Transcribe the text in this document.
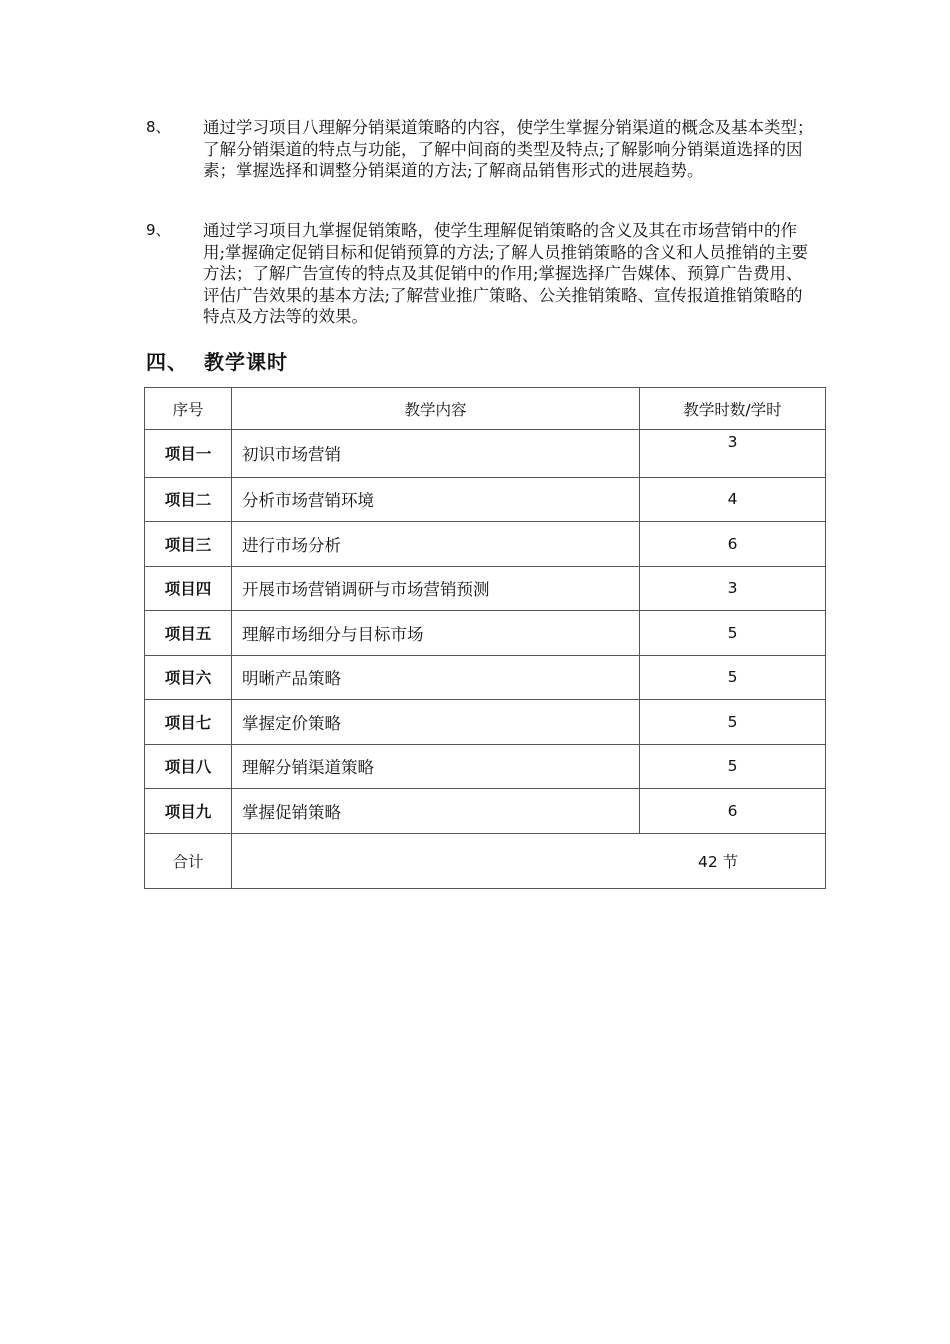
8、 通过学习项目八理解分销渠道策略的内容，使学生掌握分销渠道的概念及基本类型；了解分销渠道的特点与功能，了解中间商的类型及特点;了解影响分销渠道选择的因素；掌握选择和调整分销渠道的方法;了解商品销售形式的进展趋势。
9、 通过学习项目九掌握促销策略，使学生理解促销策略的含义及其在市场营销中的作用;掌握确定促销目标和促销预算的方法;了解人员推销策略的含义和人员推销的主要方法；了解广告宣传的特点及其促销中的作用;掌握选择广告媒体、预算广告费用、评估广告效果的基本方法;了解营业推广策略、公关推销策略、宣传报道推销策略的特点及方法等的效果。
四、 教学课时
序号	教学内容	教学时数/学时
项目一	初识市场营销	3
项目二	分析市场营销环境	4
项目三	进行市场分析	6
项目四	开展市场营销调研与市场营销预测	3
项目五	理解市场细分与目标市场	5
项目六	明晰产品策略	5
项目七	掌握定价策略	5
项目八	理解分销渠道策略	5
项目九	掌握促销策略	6
合计	42 节	
